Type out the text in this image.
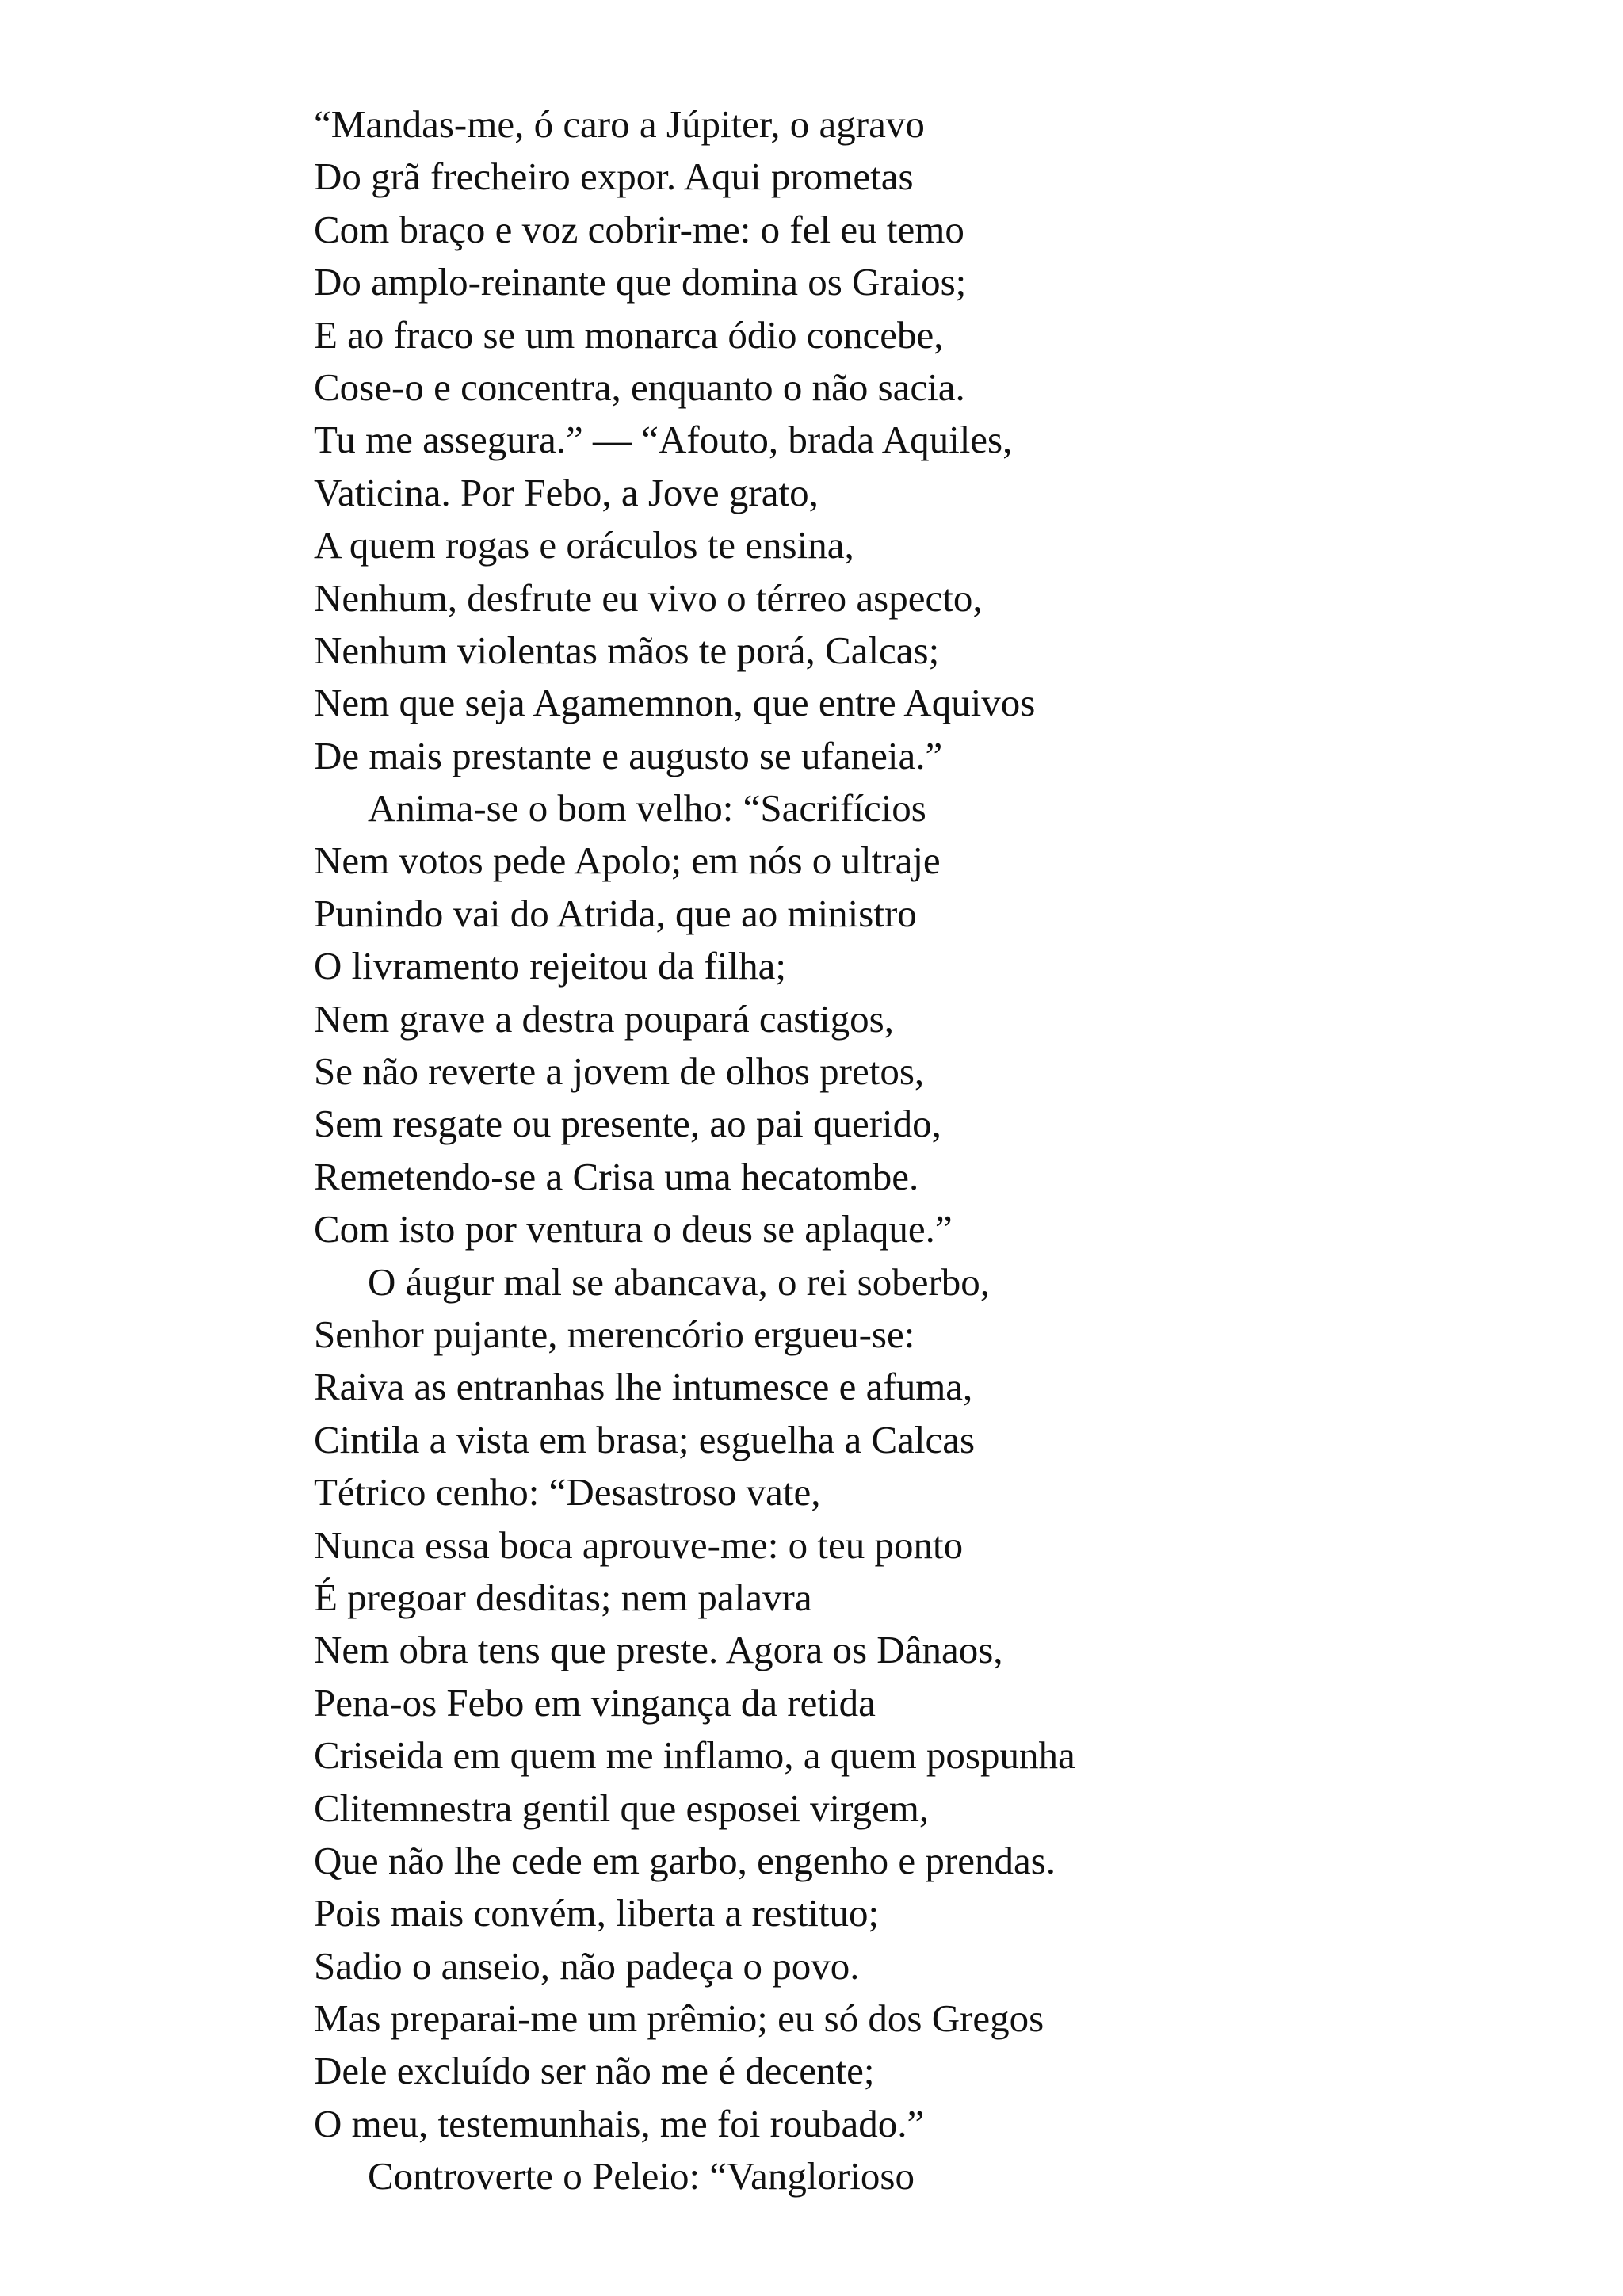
“Mandas-me, ó caro a Júpiter, o agravo
Do grã frecheiro expor. Aqui prometas
Com braço e voz cobrir-me: o fel eu temo
Do amplo-reinante que domina os Graios;
E ao fraco se um monarca ódio concebe,
Cose-o e concentra, enquanto o não sacia.
Tu me assegura.” — “Afouto, brada Aquiles,
Vaticina. Por Febo, a Jove grato,
A quem rogas e oráculos te ensina,
Nenhum, desfrute eu vivo o térreo aspecto,
Nenhum violentas mãos te porá, Calcas;
Nem que seja Agamemnon, que entre Aquivos
De mais prestante e augusto se ufaneia.”
Anima-se o bom velho: “Sacrifícios
Nem votos pede Apolo; em nós o ultraje
Punindo vai do Atrida, que ao ministro
O livramento rejeitou da filha;
Nem grave a destra poupará castigos,
Se não reverte a jovem de olhos pretos,
Sem resgate ou presente, ao pai querido,
Remetendo-se a Crisa uma hecatombe.
Com isto por ventura o deus se aplaque.”
O áugur mal se abancava, o rei soberbo,
Senhor pujante, merencório ergueu-se:
Raiva as entranhas lhe intumesce e afuma,
Cintila a vista em brasa; esguelha a Calcas
Tétrico cenho: “Desastroso vate,
Nunca essa boca aprouve-me: o teu ponto
É pregoar desditas; nem palavra
Nem obra tens que preste. Agora os Dânaos,
Pena-os Febo em vingança da retida
Criseida em quem me inflamo, a quem pospunha
Clitemnestra gentil que esposei virgem,
Que não lhe cede em garbo, engenho e prendas.
Pois mais convém, liberta a restituo;
Sadio o anseio, não padeça o povo.
Mas preparai-me um prêmio; eu só dos Gregos
Dele excluído ser não me é decente;
O meu, testemunhais, me foi roubado.”
Controverte o Peleio: “Vanglorioso
